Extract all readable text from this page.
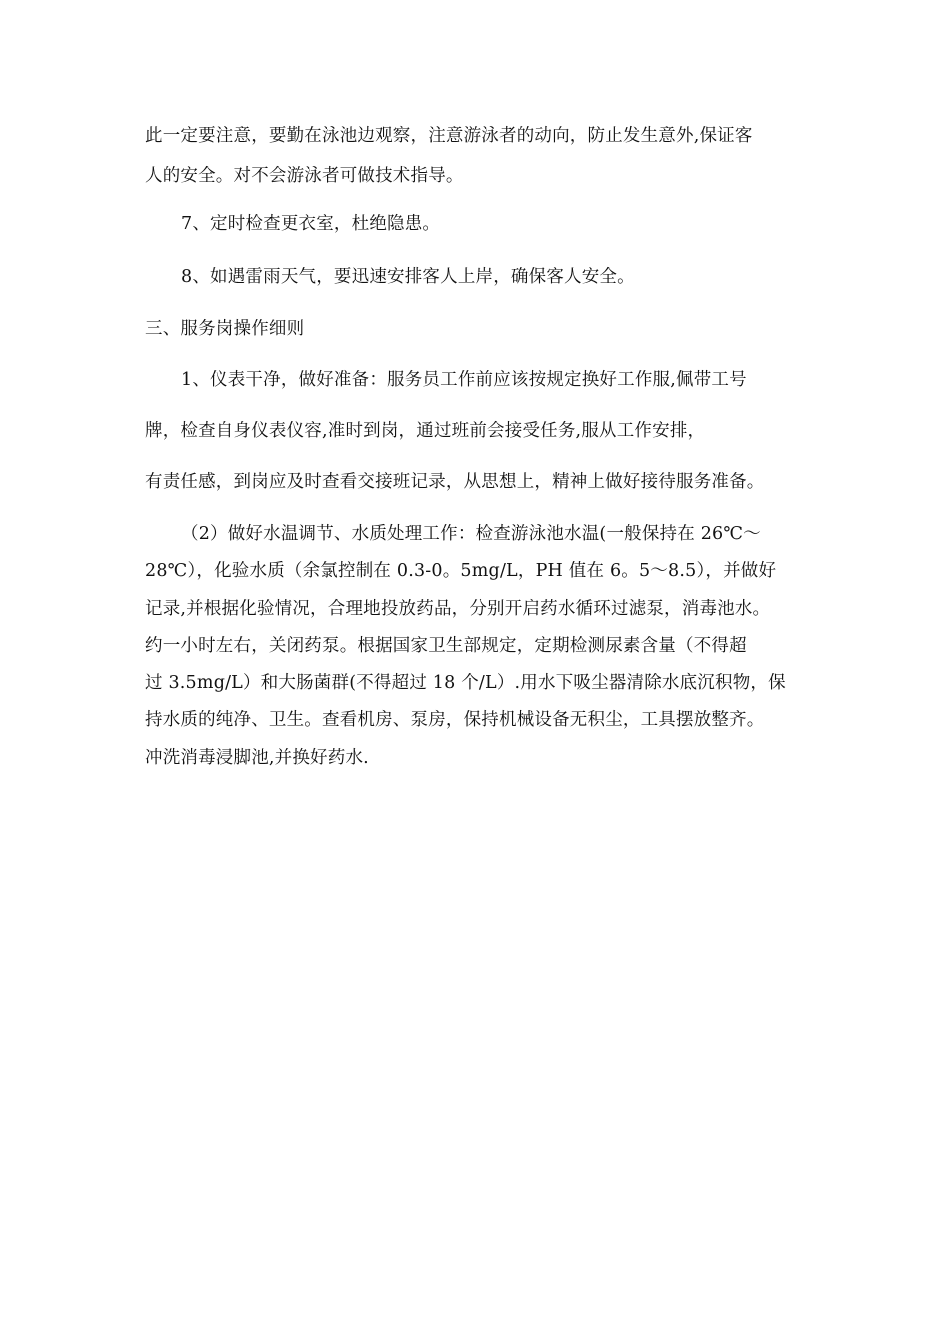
此一定要注意，要勤在泳池边观察，注意游泳者的动向，防止发生意外,保证客
人的安全。对不会游泳者可做技术指导。
7、定时检查更衣室，杜绝隐患。
8、如遇雷雨天气，要迅速安排客人上岸，确保客人安全。
三、服务岗操作细则
1、仪表干净，做好准备：服务员工作前应该按规定换好工作服,佩带工号
牌，检查自身仪表仪容,准时到岗，通过班前会接受任务,服从工作安排，
有责任感，到岗应及时查看交接班记录，从思想上，精神上做好接待服务准备。
（2）做好水温调节、水质处理工作：检查游泳池水温(一般保持在 26℃～
28℃），化验水质（余氯控制在 0.3-0。5mg/L，PH 值在 6。5～8.5），并做好
记录,并根据化验情况，合理地投放药品，分别开启药水循环过滤泵，消毒池水。
约一小时左右，关闭药泵。根据国家卫生部规定，定期检测尿素含量（不得超
过 3.5mg/L）和大肠菌群(不得超过 18 个/L）.用水下吸尘器清除水底沉积物，保
持水质的纯净、卫生。查看机房、泵房，保持机械设备无积尘，工具摆放整齐。
冲洗消毒浸脚池,并换好药水.
